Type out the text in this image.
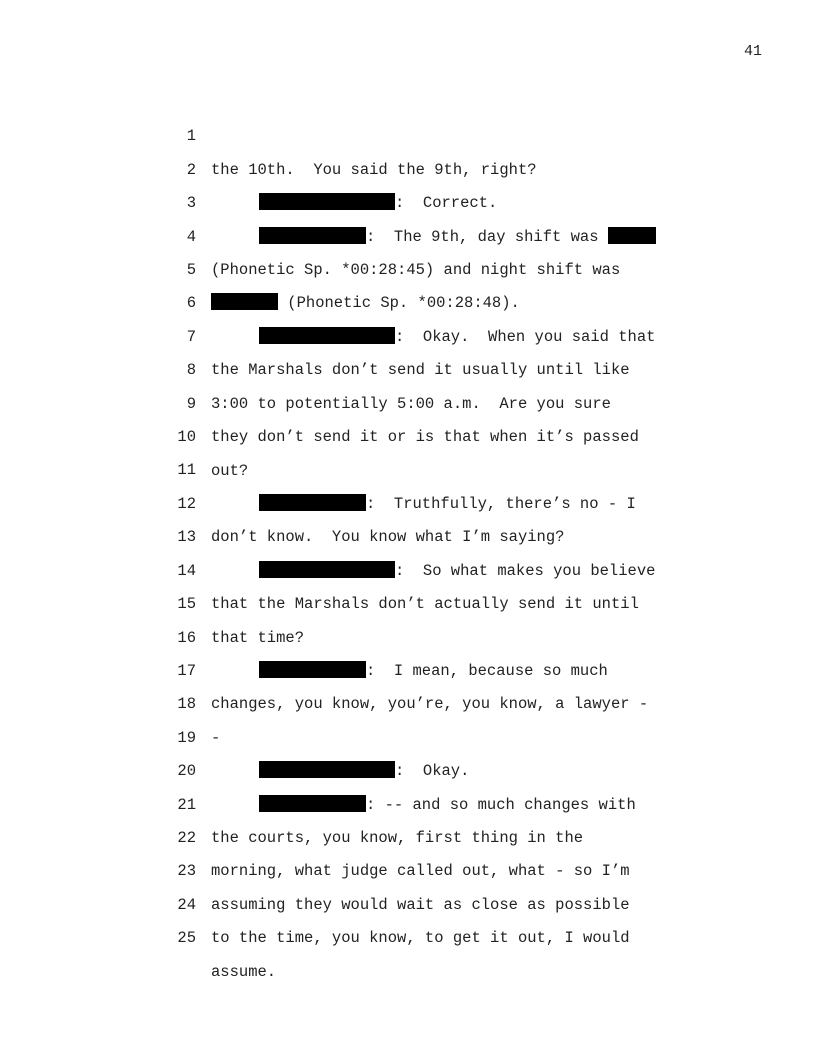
41

1

the 10th.  You said the 9th, right?

2

:  Correct.

3

:  The 9th, day shift was

4

(Phonetic Sp. *00:28:45) and night shift was

5

(Phonetic Sp. *00:28:48).

6

:  Okay.  When you said that

7

the Marshals don’t send it usually until like

8

3:00 to potentially 5:00 a.m.  Are you sure

9

they don’t send it or is that when it’s passed

10

out?

11

:  Truthfully, there’s no - I

12

don’t know.  You know what I’m saying?

13

:  So what makes you believe

14

that the Marshals don’t actually send it until

15

that time?

16

:  I mean, because so much

17

changes, you know, you’re, you know, a lawyer -

18

-

19

:  Okay.

20

: -- and so much changes with

21

the courts, you know, first thing in the

22

morning, what judge called out, what - so I’m

23

assuming they would wait as close as possible

24

to the time, you know, to get it out, I would

25

assume.
